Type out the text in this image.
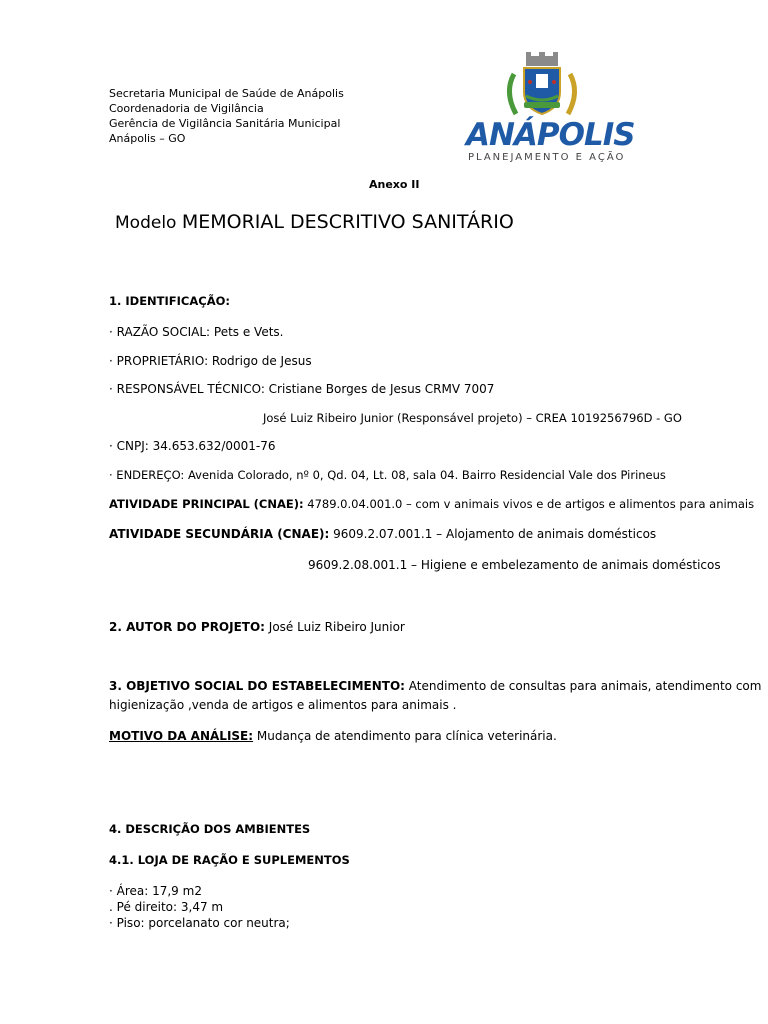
Secretaria Municipal de Saúde de Anápolis
Coordenadoria de Vigilância
Gerência de Vigilância Sanitária Municipal
Anápolis – GO	ANÁPOLIS
PLANEJAMENTO E AÇÃO
Anexo II
Modelo MEMORIAL DESCRITIVO SANITÁRIO
1. IDENTIFICAÇÃO:
· RAZÃO SOCIAL: Pets e Vets.
· PROPRIETÁRIO: Rodrigo de Jesus
· RESPONSÁVEL TÉCNICO: Cristiane Borges de Jesus CRMV 7007
José Luiz Ribeiro Junior (Responsável projeto) – CREA 1019256796D - GO
· CNPJ: 34.653.632/0001-76
· ENDEREÇO: Avenida Colorado, nº 0, Qd. 04, Lt. 08, sala 04. Bairro Residencial Vale dos Pirineus
ATIVIDADE PRINCIPAL (CNAE): 4789.0.04.001.0 – com v animais vivos e de artigos e alimentos para animais
ATIVIDADE SECUNDÁRIA (CNAE): 9609.2.07.001.1 – Alojamento de animais domésticos
9609.2.08.001.1 – Higiene e embelezamento de animais domésticos
2. AUTOR DO PROJETO: José Luiz Ribeiro Junior
3. OBJETIVO SOCIAL DO ESTABELECIMENTO: Atendimento de consultas para animais, atendimento com
higienização ,venda de artigos e alimentos para animais .
MOTIVO DA ANÁLISE: Mudança de atendimento para clínica veterinária.
4. DESCRIÇÃO DOS AMBIENTES
4.1. LOJA DE RAÇÃO E SUPLEMENTOS
· Área: 17,9 m2
. Pé direito: 3,47 m
· Piso: porcelanato cor neutra;
